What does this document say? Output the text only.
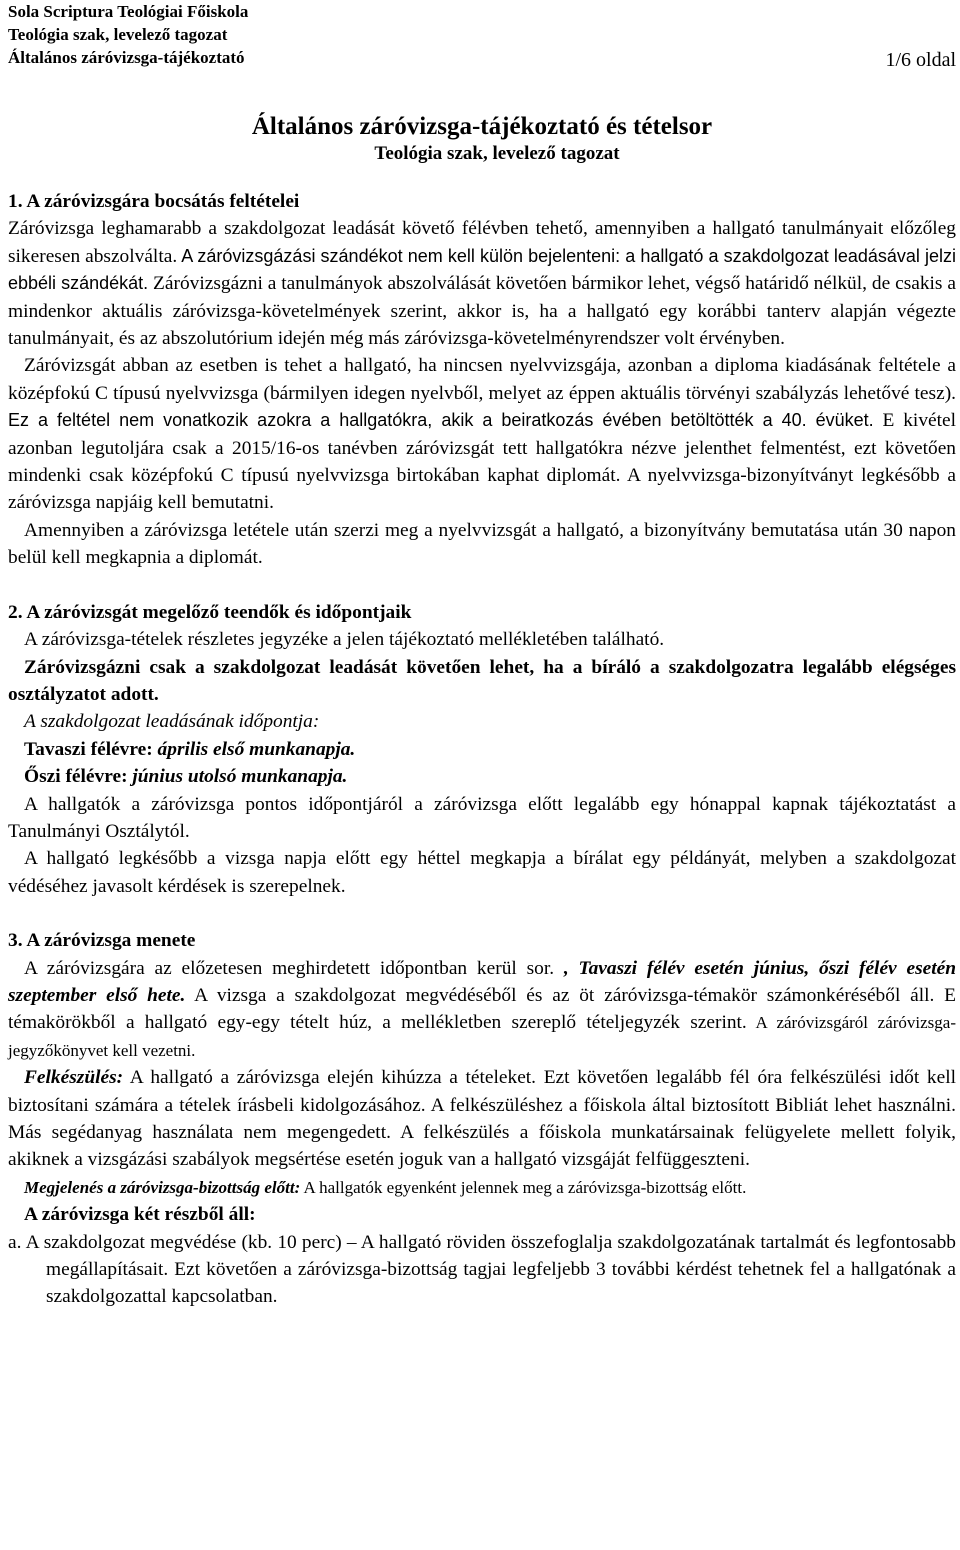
Sola Scriptura Teológiai Főiskola
Teológia szak, levelező tagozat
Általános záróvizsga-tájékoztató	1/6 oldal
Általános záróvizsga-tájékoztató és tételsor
Teológia szak, levelező tagozat

1. A záróvizsgára bocsátás feltételei

Záróvizsga leghamarabb a szakdolgozat leadását követő félévben tehető, amennyiben a hallgató tanulmányait előzőleg sikeresen abszolválta. A záróvizsgázási szándékot nem kell külön bejelenteni: a hallgató a szakdolgozat leadásával jelzi ebbéli szándékát. Záróvizsgázni a tanulmányok abszolválását követően bármikor lehet, végső határidő nélkül, de csakis a mindenkor aktuális záróvizsga-követelmények szerint, akkor is, ha a hallgató egy korábbi tanterv alapján végezte tanulmányait, és az abszolutórium idején még más záróvizsga-követelményrendszer volt érvényben.

Záróvizsgát abban az esetben is tehet a hallgató, ha nincsen nyelvvizsgája, azonban a diploma kiadásának feltétele a középfokú C típusú nyelvvizsga (bármilyen idegen nyelvből, melyet az éppen aktuális törvényi szabályzás lehetővé tesz). Ez a feltétel nem vonatkozik azokra a hallgatókra, akik a beiratkozás évében betöltötték a 40. évüket. E kivétel azonban legutoljára csak a 2015/16-os tanévben záróvizsgát tett hallgatókra nézve jelenthet felmentést, ezt követően mindenki csak középfokú C típusú nyelvvizsga birtokában kaphat diplomát. A nyelvvizsga-bizonyítványt legkésőbb a záróvizsga napjáig kell bemutatni.

Amennyiben a záróvizsga letétele után szerzi meg a nyelvvizsgát a hallgató, a bizonyítvány bemutatása után 30 napon belül kell megkapnia a diplomát.

2. A záróvizsgát megelőző teendők és időpontjaik

A záróvizsga-tételek részletes jegyzéke a jelen tájékoztató mellékletében található.

Záróvizsgázni csak a szakdolgozat leadását követően lehet, ha a bíráló a szakdolgozatra legalább elégséges osztályzatot adott.

A szakdolgozat leadásának időpontja:

Tavaszi félévre: április első munkanapja.

Őszi félévre: június utolsó munkanapja.

A hallgatók a záróvizsga pontos időpontjáról a záróvizsga előtt legalább egy hónappal kapnak tájékoztatást a Tanulmányi Osztálytól.

A hallgató legkésőbb a vizsga napja előtt egy héttel megkapja a bírálat egy példányát, melyben a szakdolgozat védéséhez javasolt kérdések is szerepelnek.

3. A záróvizsga menete

A záróvizsgára az előzetesen meghirdetett időpontban kerül sor. , Tavaszi félév esetén június, őszi félév esetén szeptember első hete. A vizsga a szakdolgozat megvédéséből és az öt záróvizsga-témakör számonkéréséből áll. E témakörökből a hallgató egy-egy tételt húz, a mellékletben szereplő tételjegyzék szerint. A záróvizsgáról záróvizsga-jegyzőkönyvet kell vezetni.

Felkészülés: A hallgató a záróvizsga elején kihúzza a tételeket. Ezt követően legalább fél óra felkészülési időt kell biztosítani számára a tételek írásbeli kidolgozásához. A felkészüléshez a főiskola által biztosított Bibliát lehet használni. Más segédanyag használata nem megengedett. A felkészülés a főiskola munkatársainak felügyelete mellett folyik, akiknek a vizsgázási szabályok megsértése esetén joguk van a hallgató vizsgáját felfüggeszteni.

Megjelenés a záróvizsga-bizottság előtt: A hallgatók egyenként jelennek meg a záróvizsga-bizottság előtt.

A záróvizsga két részből áll:

a. A szakdolgozat megvédése (kb. 10 perc) – A hallgató röviden összefoglalja szakdolgozatának tartalmát és legfontosabb megállapításait. Ezt követően a záróvizsga-bizottság tagjai legfeljebb 3 további kérdést tehetnek fel a hallgatónak a szakdolgozattal kapcsolatban.
